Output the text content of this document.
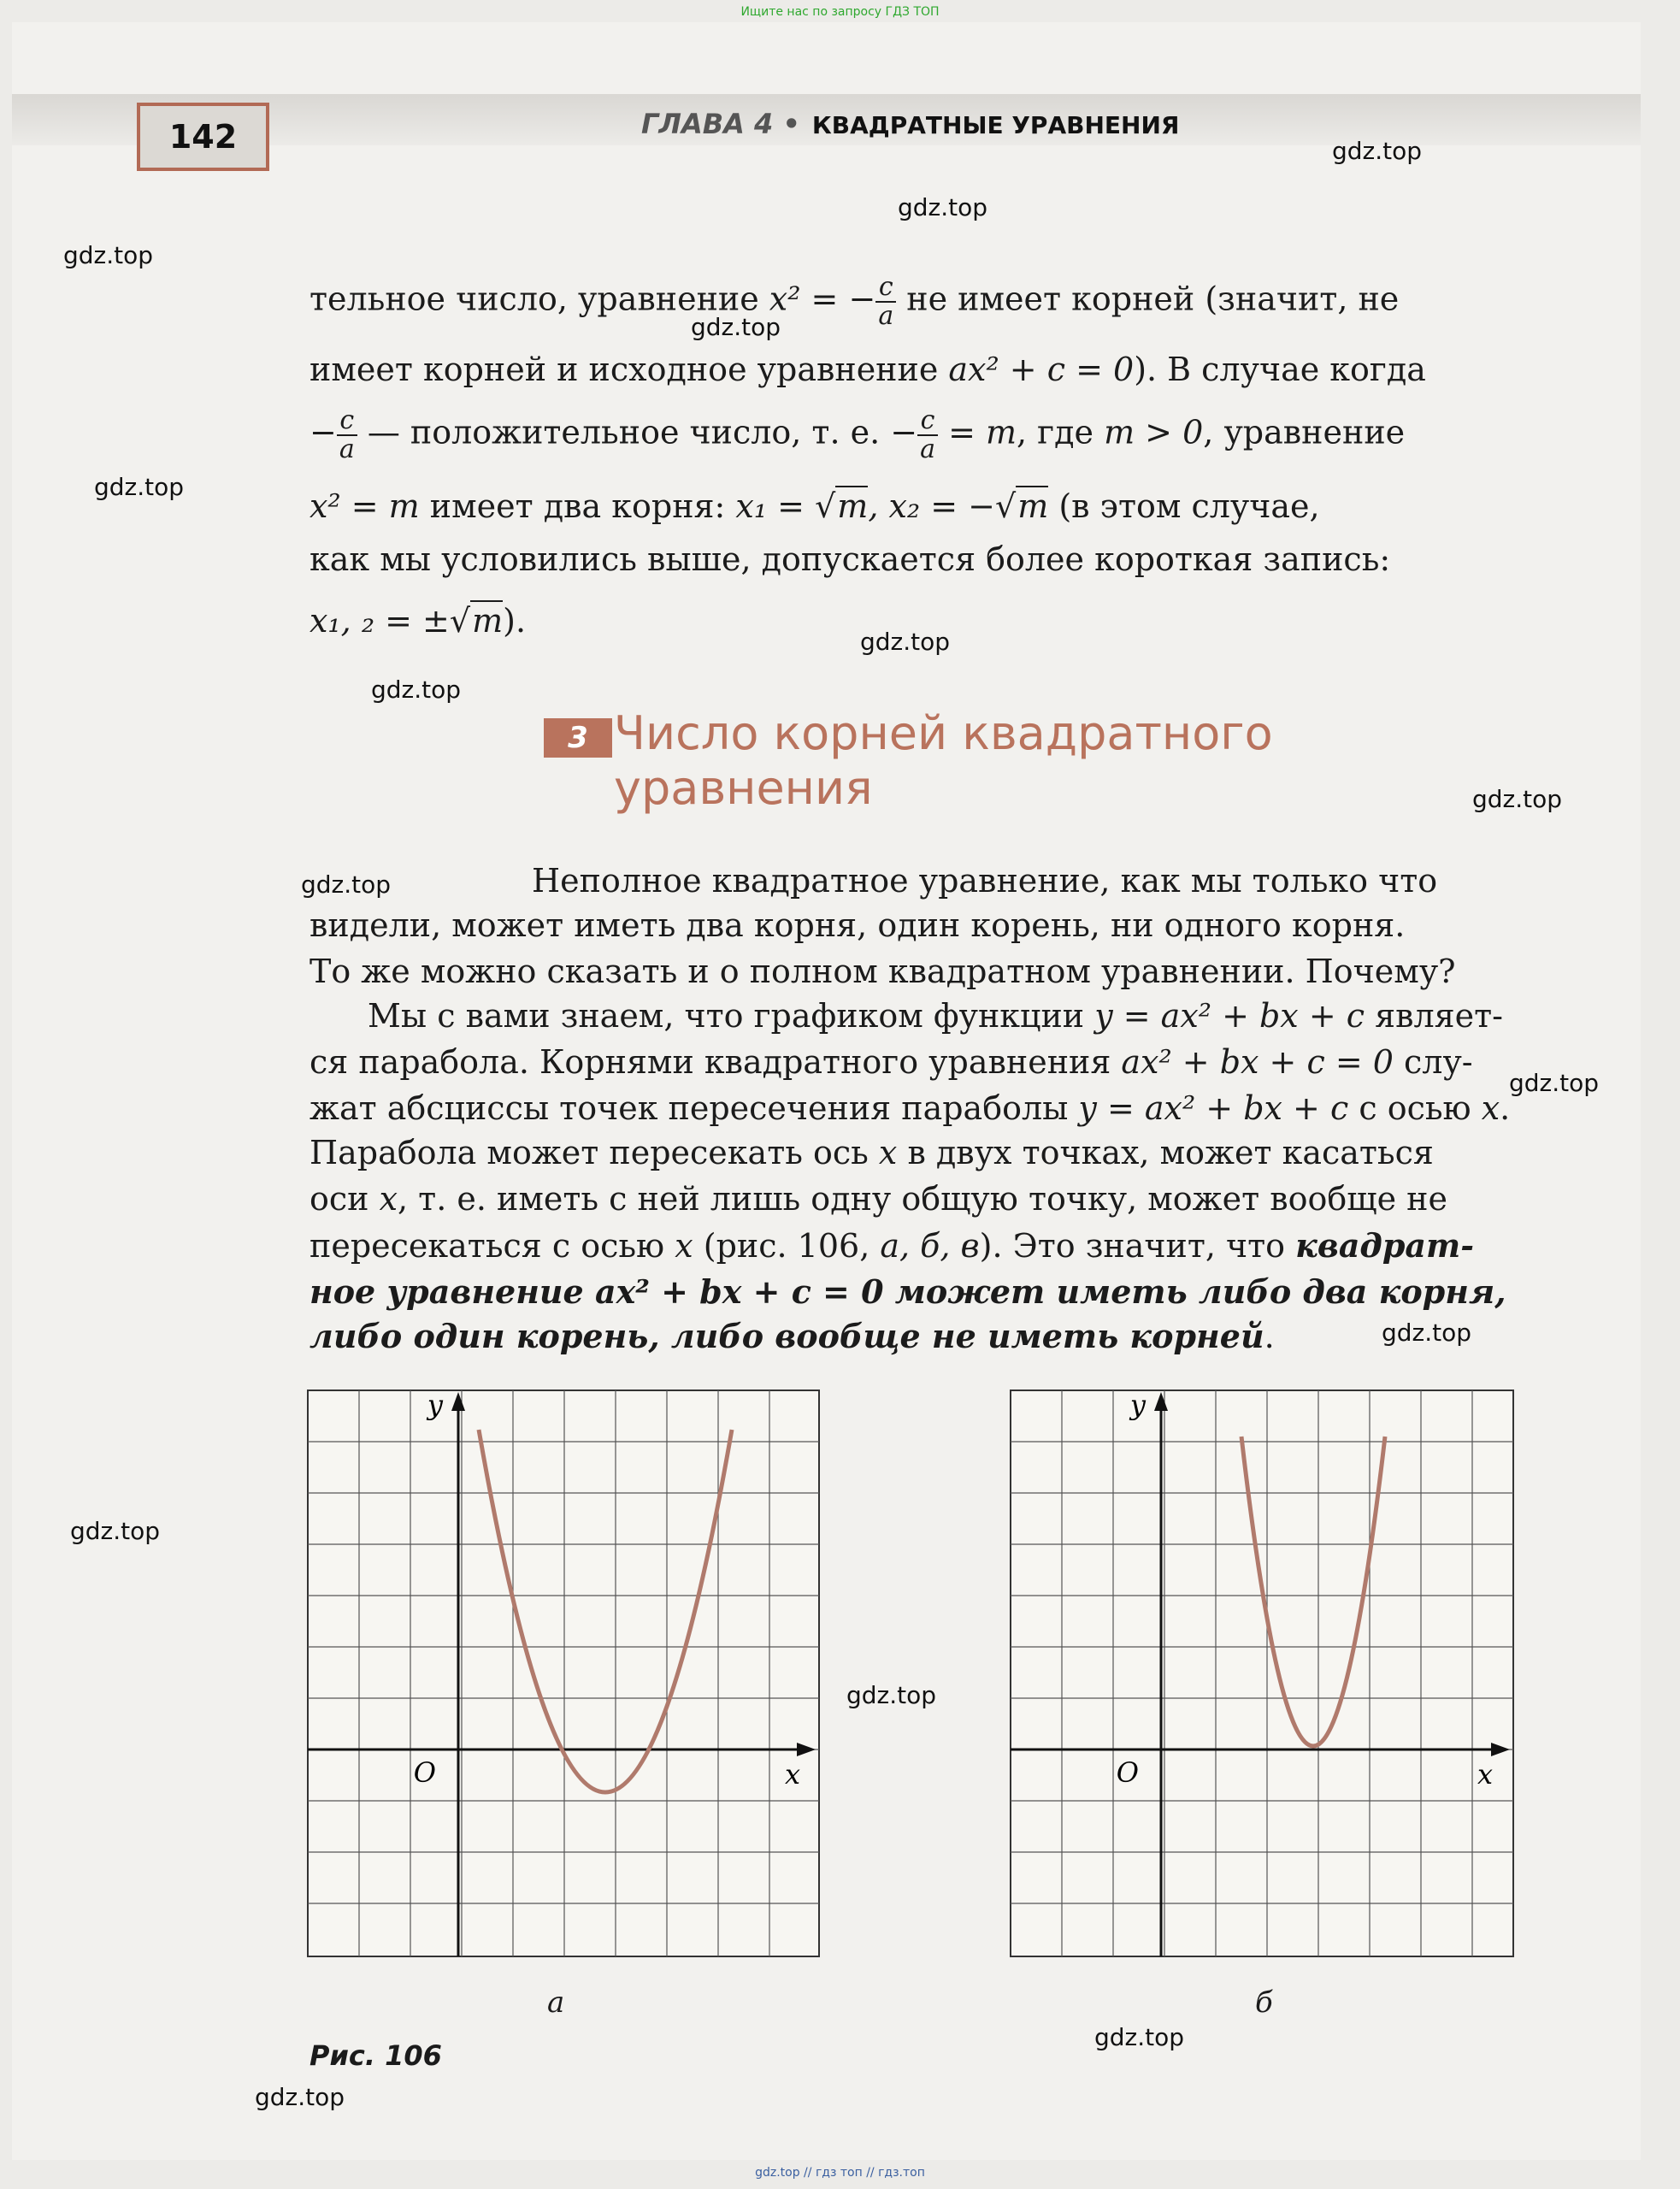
Ищите нас по запросу ГДЗ ТОП
142	ГЛАВА 4 • КВАДРАТНЫЕ УРАВНЕНИЯ
gdz.top
gdz.top
gdz.top
gdz.top
gdz.top
gdz.top
gdz.top
gdz.top
gdz.top
gdz.top
gdz.top
gdz.top
gdz.top
gdz.top
gdz.top
тельное число, уравнение x² = − $\frac{c}{a}$ не имеет корней (значит, не
имеет корней и исходное уравнение ax² + c = 0). В случае когда
− $\frac{c}{a}$ — положительное число, т. е. − $\frac{c}{a} = m$, где m > 0, уравнение
x² = m имеет два корня: x₁ = √m, x₂ = −√m (в этом случае,
как мы условились выше, допускается более короткая запись:
x₁, ₂ = ±√m).
3 Число корней квадратного уравнения
Неполное квадратное уравнение, как мы только что
видели, может иметь два корня, один корень, ни одного корня.
То же можно сказать и о полном квадратном уравнении. Почему?
Мы с вами знаем, что графиком функции y = ax² + bx + c являет-
ся парабола. Корнями квадратного уравнения ax² + bx + c = 0 слу-
жат абсциссы точек пересечения параболы y = ax² + bx + c с осью x.
Парабола может пересекать ось x в двух точках, может касаться
оси x, т. е. иметь с ней лишь одну общую точку, может вообще не
пересекаться с осью x (рис. 106, а, б, в). Это значит, что квадрат-
ное уравнение ax² + bx + c = 0 может иметь либо два корня,
либо один корень, либо вообще не иметь корней.
y
x
O
а
y
x
O
б
Рис. 106
gdz.top // гдз топ // гдз.топ
